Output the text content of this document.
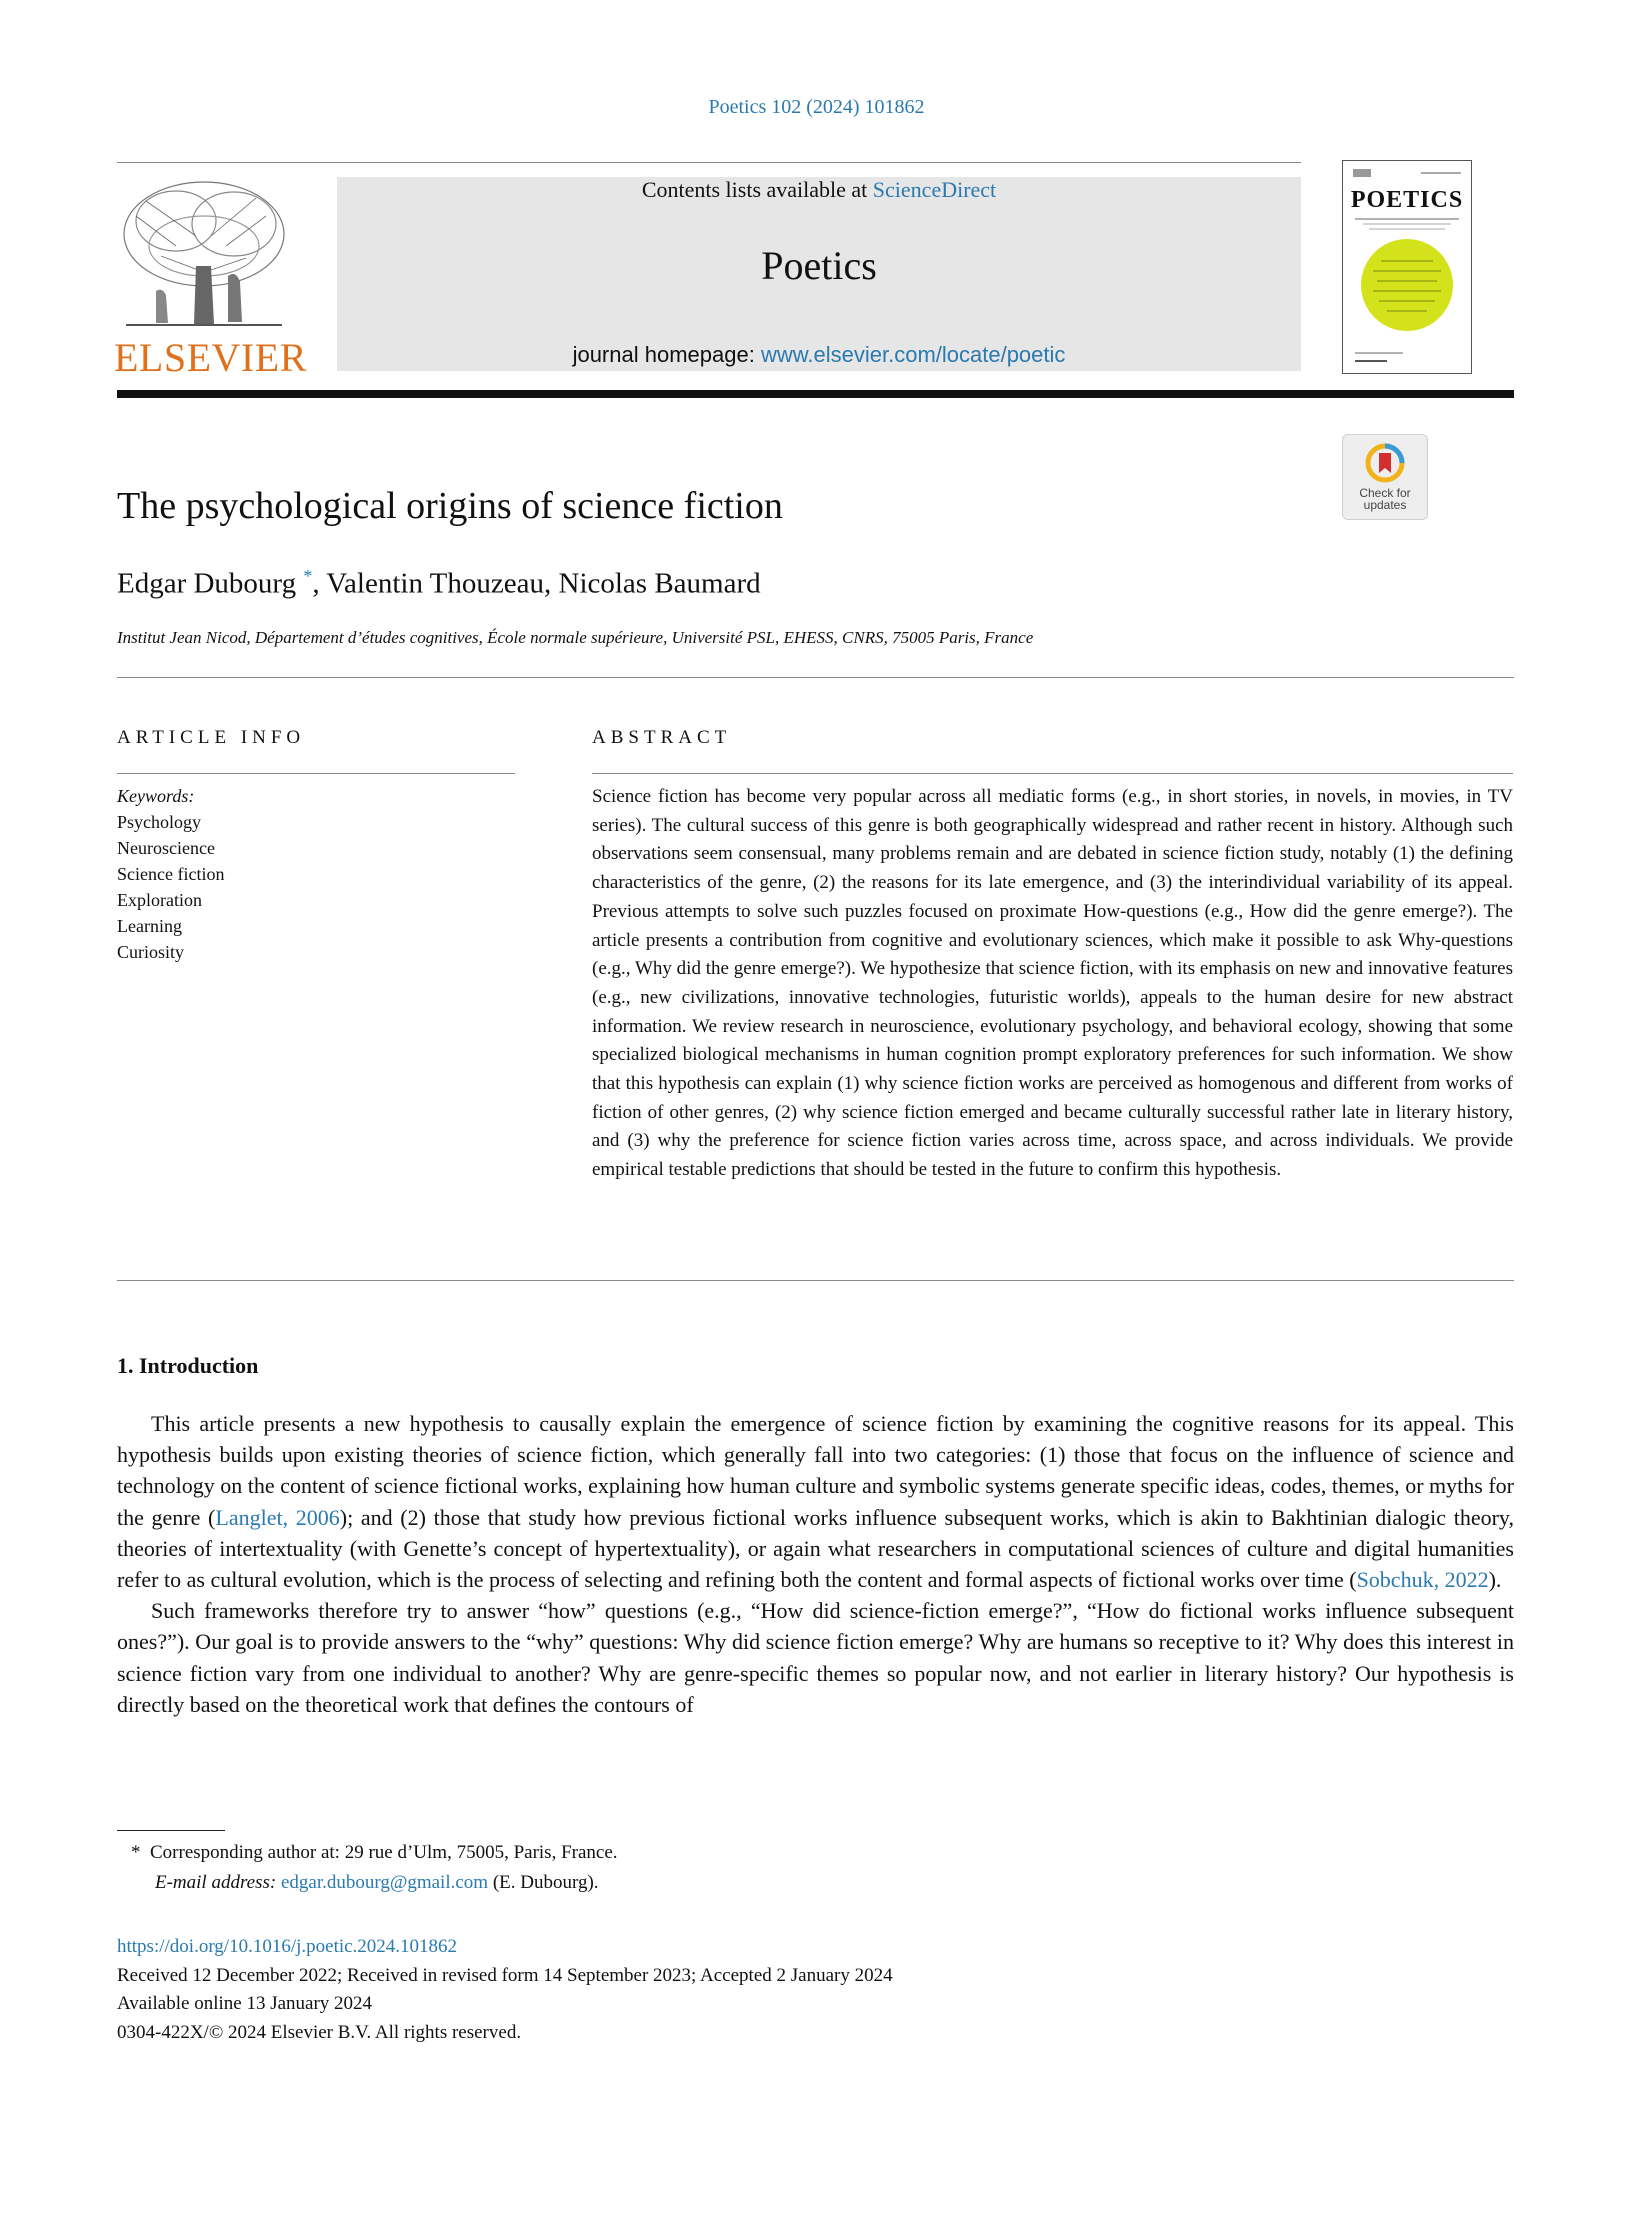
Poetics 102 (2024) 101862
ELSEVIER
Contents lists available at ScienceDirect
Poetics
journal homepage: www.elsevier.com/locate/poetic
POETICS
Check for updates
The psychological origins of science fiction
Edgar Dubourg *, Valentin Thouzeau, Nicolas Baumard
Institut Jean Nicod, Département d’études cognitives, École normale supérieure, Université PSL, EHESS, CNRS, 75005 Paris, France
ARTICLE INFO
Keywords:
Psychology
Neuroscience
Science fiction
Exploration
Learning
Curiosity
ABSTRACT
Science fiction has become very popular across all mediatic forms (e.g., in short stories, in novels, in movies, in TV series). The cultural success of this genre is both geographically widespread and rather recent in history. Although such observations seem consensual, many problems remain and are debated in science fiction study, notably (1) the defining characteristics of the genre, (2) the reasons for its late emergence, and (3) the interindividual variability of its appeal. Previous attempts to solve such puzzles focused on proximate How-questions (e.g., How did the genre emerge?). The article presents a contribution from cognitive and evolutionary sciences, which make it possible to ask Why-questions (e.g., Why did the genre emerge?). We hypothesize that science fiction, with its emphasis on new and innovative features (e.g., new civilizations, innovative technologies, futuristic worlds), appeals to the human desire for new abstract information. We review research in neuroscience, evolutionary psychology, and behavioral ecology, showing that some specialized biological mechanisms in human cognition prompt exploratory preferences for such information. We show that this hypothesis can explain (1) why science fiction works are perceived as homogenous and different from works of fiction of other genres, (2) why science fiction emerged and became culturally successful rather late in literary history, and (3) why the preference for science fiction varies across time, across space, and across individuals. We provide empirical testable predictions that should be tested in the future to confirm this hypothesis.
1. Introduction

This article presents a new hypothesis to causally explain the emergence of science fiction by examining the cognitive reasons for its appeal. This hypothesis builds upon existing theories of science fiction, which generally fall into two categories: (1) those that focus on the influence of science and technology on the content of science fictional works, explaining how human culture and symbolic systems generate specific ideas, codes, themes, or myths for the genre (Langlet, 2006); and (2) those that study how previous fictional works influence subsequent works, which is akin to Bakhtinian dialogic theory, theories of intertextuality (with Genette’s concept of hypertextuality), or again what researchers in computational sciences of culture and digital humanities refer to as cultural evolution, which is the process of selecting and refining both the content and formal aspects of fictional works over time (Sobchuk, 2022).

Such frameworks therefore try to answer “how” questions (e.g., “How did science-fiction emerge?”, “How do fictional works influence subsequent ones?”). Our goal is to provide answers to the “why” questions: Why did science fiction emerge? Why are humans so receptive to it? Why does this interest in science fiction vary from one individual to another? Why are genre-specific themes so popular now, and not earlier in literary history? Our hypothesis is directly based on the theoretical work that defines the contours of

* Corresponding author at: 29 rue d’Ulm, 75005, Paris, France.
E-mail address: edgar.dubourg@gmail.com (E. Dubourg).
https://doi.org/10.1016/j.poetic.2024.101862
Received 12 December 2022; Received in revised form 14 September 2023; Accepted 2 January 2024
Available online 13 January 2024
0304-422X/© 2024 Elsevier B.V. All rights reserved.
